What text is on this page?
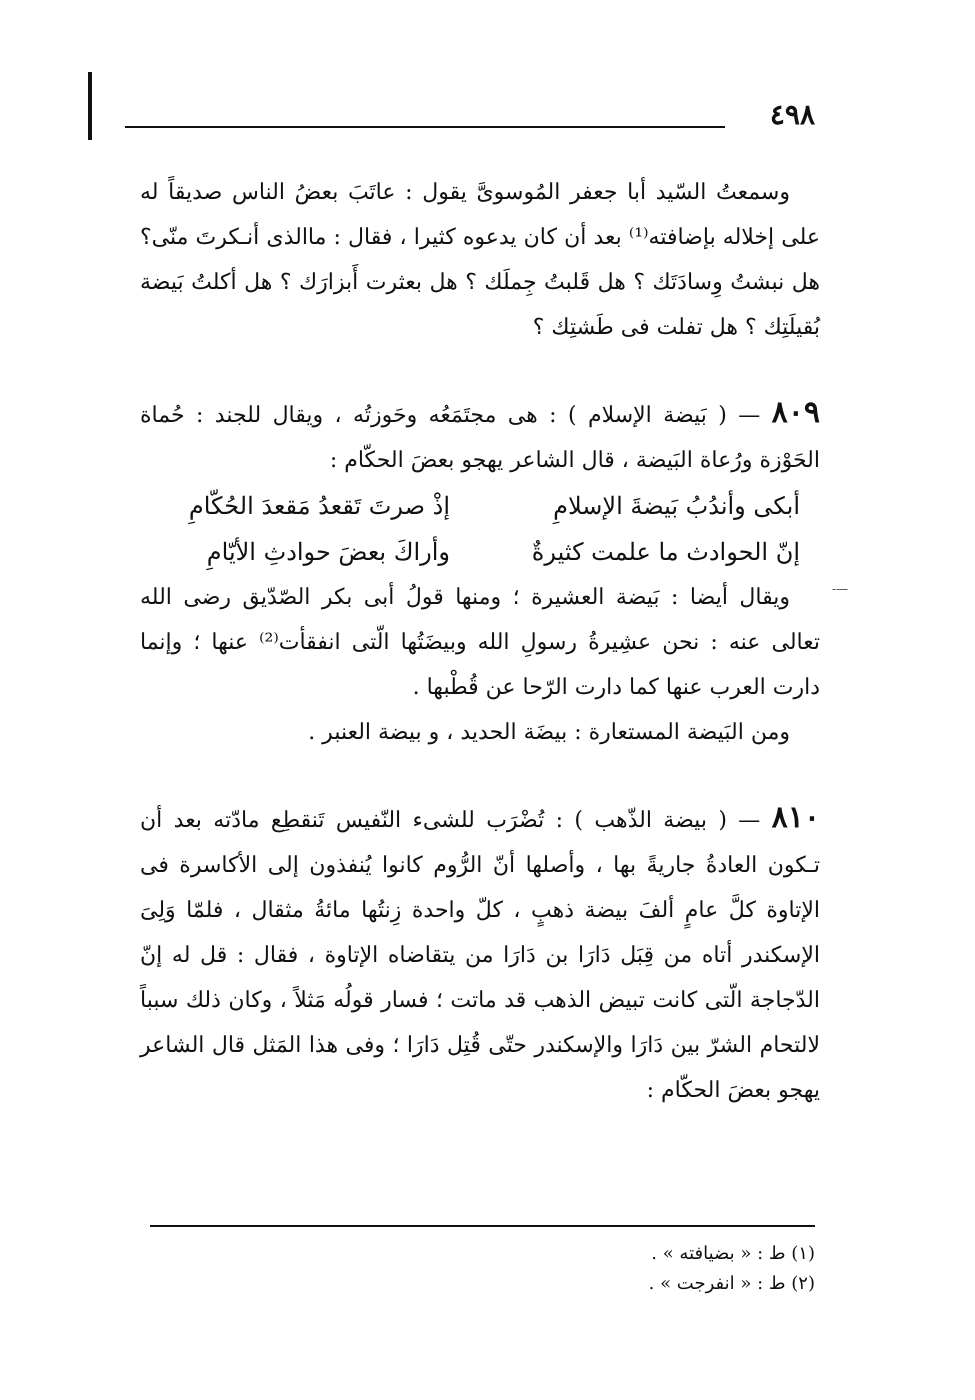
٤٩٨
-—

وسمعتُ السّيد أبا جعفر المُوسوىَّ يقول : عاتَبَ بعضُ الناس صديقاً له على إخلاله بإضافته⁽¹⁾ بعد أن كان يدعوه كثيرا ، فقال : ماالذى أنـكرتَ منّى؟ هل نبشتُ وِسادَتَك ؟ هل قَلبتُ جِملَك ؟ هل بعثرت أَبزارَك ؟ هل أكلتُ بَيضة بُقيلَتِك ؟ هل تفلت فى طَشتِك ؟

٨٠٩ — ( بَيضة الإسلام ) : هى مجتَمَعُه وحَوزتُه ، ويقال للجند : حُماة الحَوْزة ورُعاة البَيضة ، قال الشاعر يهجو بعضَ الحكّام :

أبكى وأندُبُ بَيضةَ الإسلامِ
إذْ صرتَ تَقعدُ مَقعدَ الحُكّامِ
إنّ الحوادث ما علمت كثيرةٌ
وأراكَ بعضَ حوادثِ الأيّامِ

ويقال أيضا : بَيضة العشيرة ؛ ومنها قولُ أبى بكر الصّدّيق رضى الله تعالى عنه : نحن عشِيرةُ رسولِ الله وبيضَتُها الّتى انفقأت⁽²⁾ عنها ؛ وإنما دارت العرب عنها كما دارت الرّحا عن قُطْبها .

ومن البَيضة المستعارة : بيضَة الحديد ، و بيضة العنبر .

٨١٠ — ( بيضة الذّهب ) : تُضْرَب للشىء النّفيس تَنقطِع مادّته بعد أن تـكون العادةُ جاريةً بها ، وأصلها أنّ الرُّوم كانوا يُنفذون إلى الأكاسرة فى الإتاوة كلَّ عامٍ ألفَ بيضة ذهبٍ ، كلّ واحدة زِنتُها مائةُ مثقال ، فلمّا وَلِىَ الإسكندر أتاه من قِبَل دَارَا بن دَارَا من يتقاضاه الإتاوة ، فقال : قل له إنّ الدّجاجة الّتى كانت تبيض الذهب قد ماتت ؛ فسار قولُه مَثلاً ، وكان ذلك سبباً لالتحام الشرّ بين دَارَا والإسكندر حتّى قُتِل دَارَا ؛ وفى هذا المَثل قال الشاعر يهجو بعضَ الحكّام :

(١) ط : « بضيافته » .
(٢) ط : « انفرجت » .
